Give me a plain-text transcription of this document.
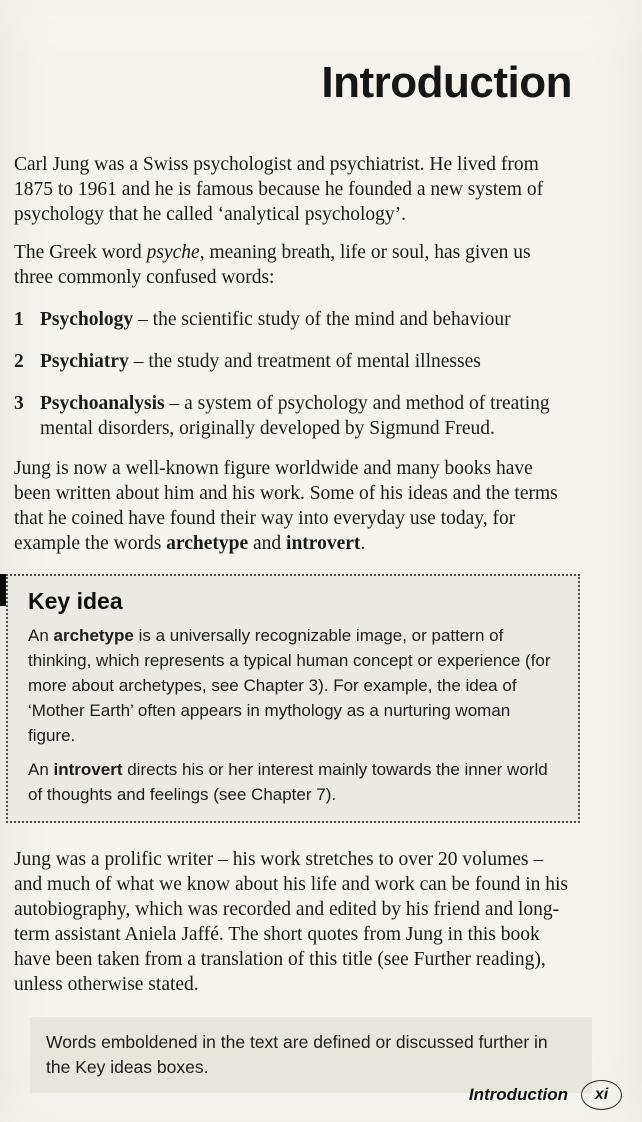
Introduction

Carl Jung was a Swiss psychologist and psychiatrist. He lived from 1875 to 1961 and he is famous because he founded a new system of psychology that he called ‘analytical psychology’.

The Greek word psyche, meaning breath, life or soul, has given us three commonly confused words:

1 Psychology – the scientific study of the mind and behaviour
2 Psychiatry – the study and treatment of mental illnesses
3 Psychoanalysis – a system of psychology and method of treating mental disorders, originally developed by Sigmund Freud.

Jung is now a well-known figure worldwide and many books have been written about him and his work. Some of his ideas and the terms that he coined have found their way into everyday use today, for example the words archetype and introvert.

Key idea

An archetype is a universally recognizable image, or pattern of thinking, which represents a typical human concept or experience (for more about archetypes, see Chapter 3). For example, the idea of ‘Mother Earth’ often appears in mythology as a nurturing woman figure.

An introvert directs his or her interest mainly towards the inner world of thoughts and feelings (see Chapter 7).

Jung was a prolific writer – his work stretches to over 20 volumes – and much of what we know about his life and work can be found in his autobiography, which was recorded and edited by his friend and long-term assistant Aniela Jaffé. The short quotes from Jung in this book have been taken from a translation of this title (see Further reading), unless otherwise stated.

Words emboldened in the text are defined or discussed further in the Key ideas boxes.

Introduction	xi
